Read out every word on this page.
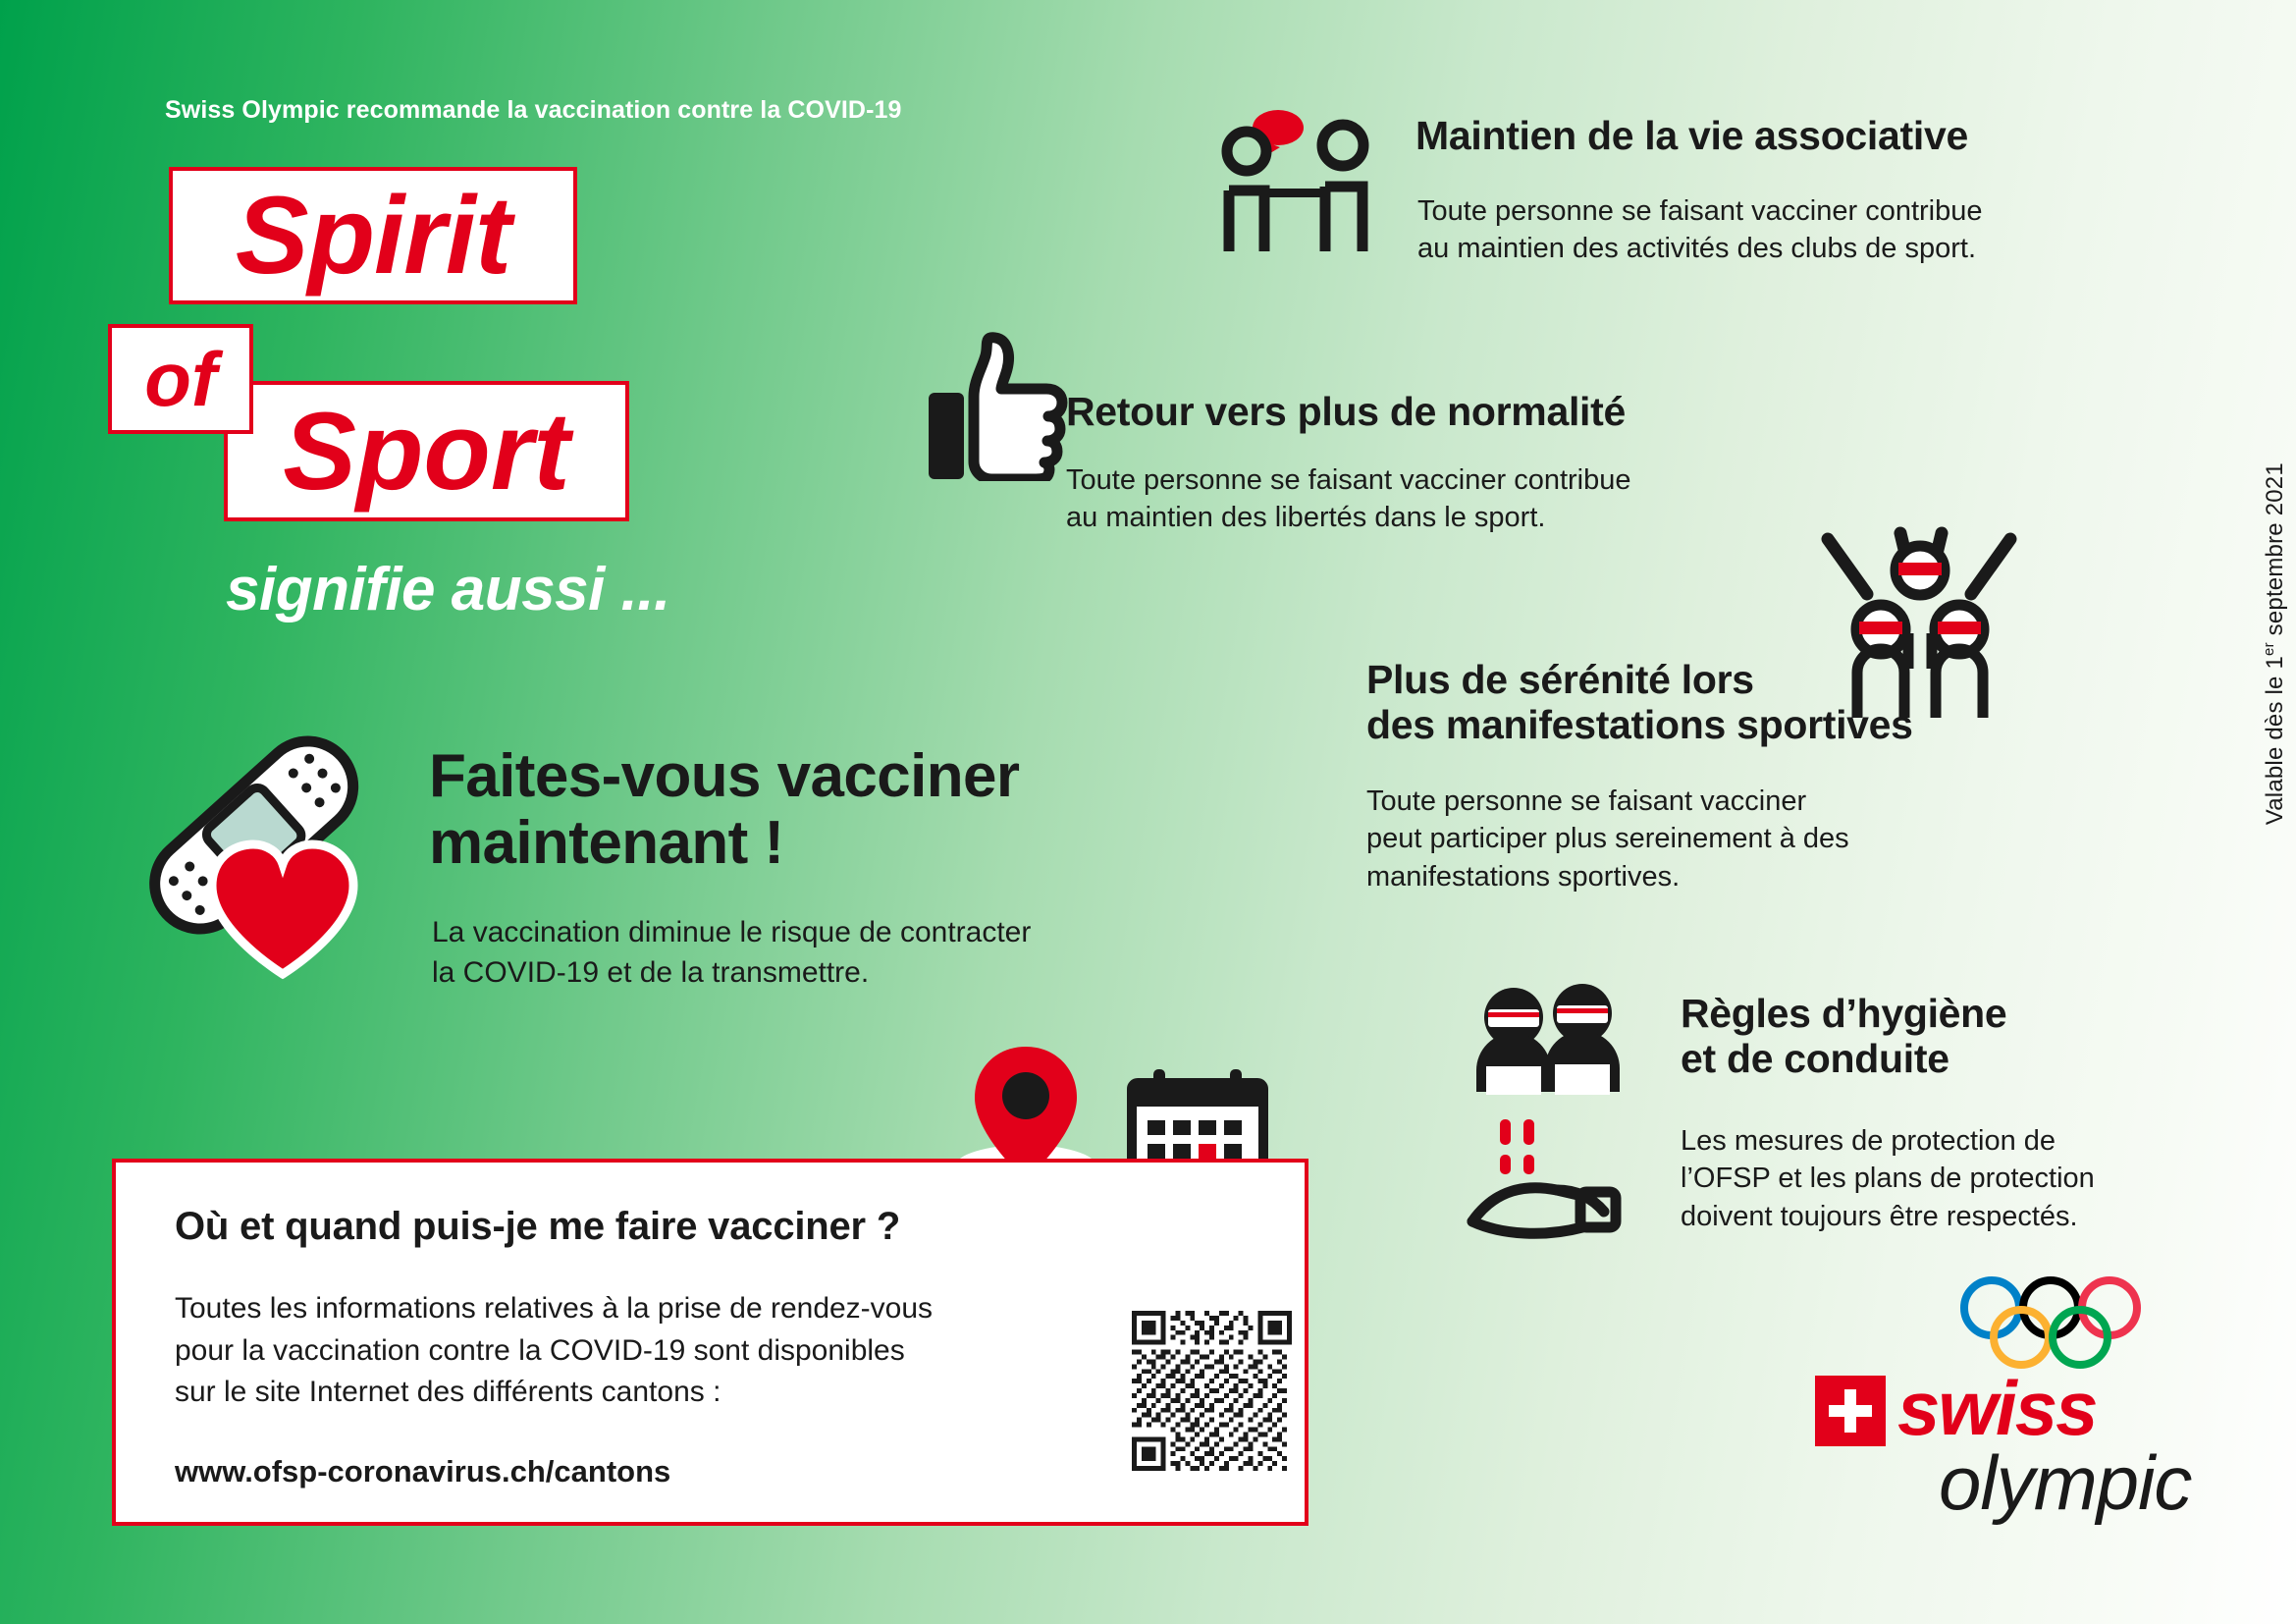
Swiss Olympic recommande la vaccination contre la COVID-19
Spirit
of
Sport
signifie aussi ...
Valable dès le 1er septembre 2021
Maintien de la vie associative
Toute personne se faisant vacciner contribue
au maintien des activités des clubs de sport.
Retour vers plus de normalité
Toute personne se faisant vacciner contribue
au maintien des libertés dans le sport.
Plus de sérénité lors
des manifestations sportives
Toute personne se faisant vacciner
peut participer plus sereinement à des
manifestations sportives.
Règles d’hygiène
et de conduite
Les mesures de protection de
l’OFSP et les plans de protection
doivent toujours être respectés.
Faites-vous vacciner
maintenant !
La vaccination diminue le risque de contracter
la COVID-19 et de la transmettre.
Où et quand puis-je me faire vacciner ?

Toutes les informations relatives à la prise de rendez-vous
pour la vaccination contre la COVID-19 sont disponibles
sur le site Internet des différents cantons :

www.ofsp-coronavirus.ch/cantons
swiss
olympic
